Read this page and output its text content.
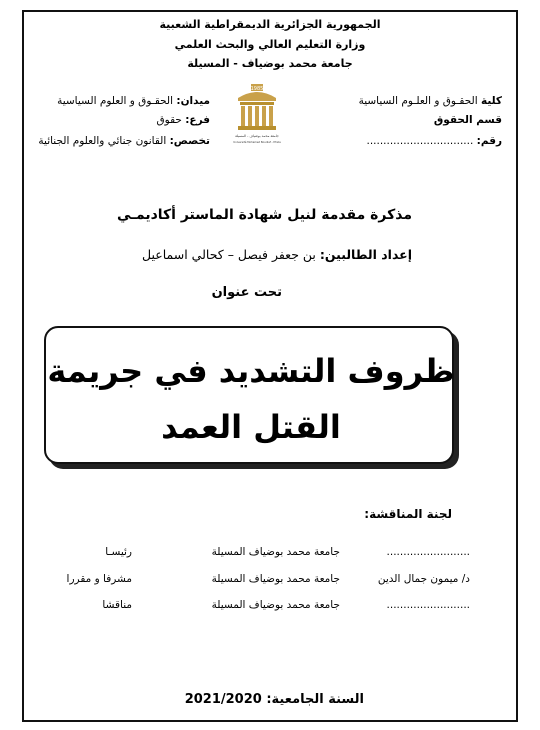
الجمهورية الجزائرية الديمقراطية الشعبية
وزارة التعليم العالي والبحث العلمي
جامعة محمد بوضياف - المسيلة
كلية الحقـوق و العلـوم السياسية
قسم الحقوق
رقم: ................................
1985
جامعة محمد بوضياف - المسيلة
Université Mohamed Boudiaf - M'sila
ميدان: الحقـوق و العلوم السياسية
فرع: حقوق
تخصص: القانون جنائي والعلوم الجنائية
مذكرة مقدمة لنيل شهادة الماستر أكاديمـي
إعداد الطالبين: بن جعفر فيصل – كحالي اسماعيل
تحت عنوان
ظروف التشديد في جريمة
القتل العمد
لجنة المناقشة:
.........................
جامعة محمد بوضياف المسيلة
رئيسـا
د/ ميمون جمال الدين
جامعة محمد بوضياف المسيلة
مشرفا و مقررا
.........................
جامعة محمد بوضياف المسيلة
مناقشا
السنة الجامعية: 2021/2020
